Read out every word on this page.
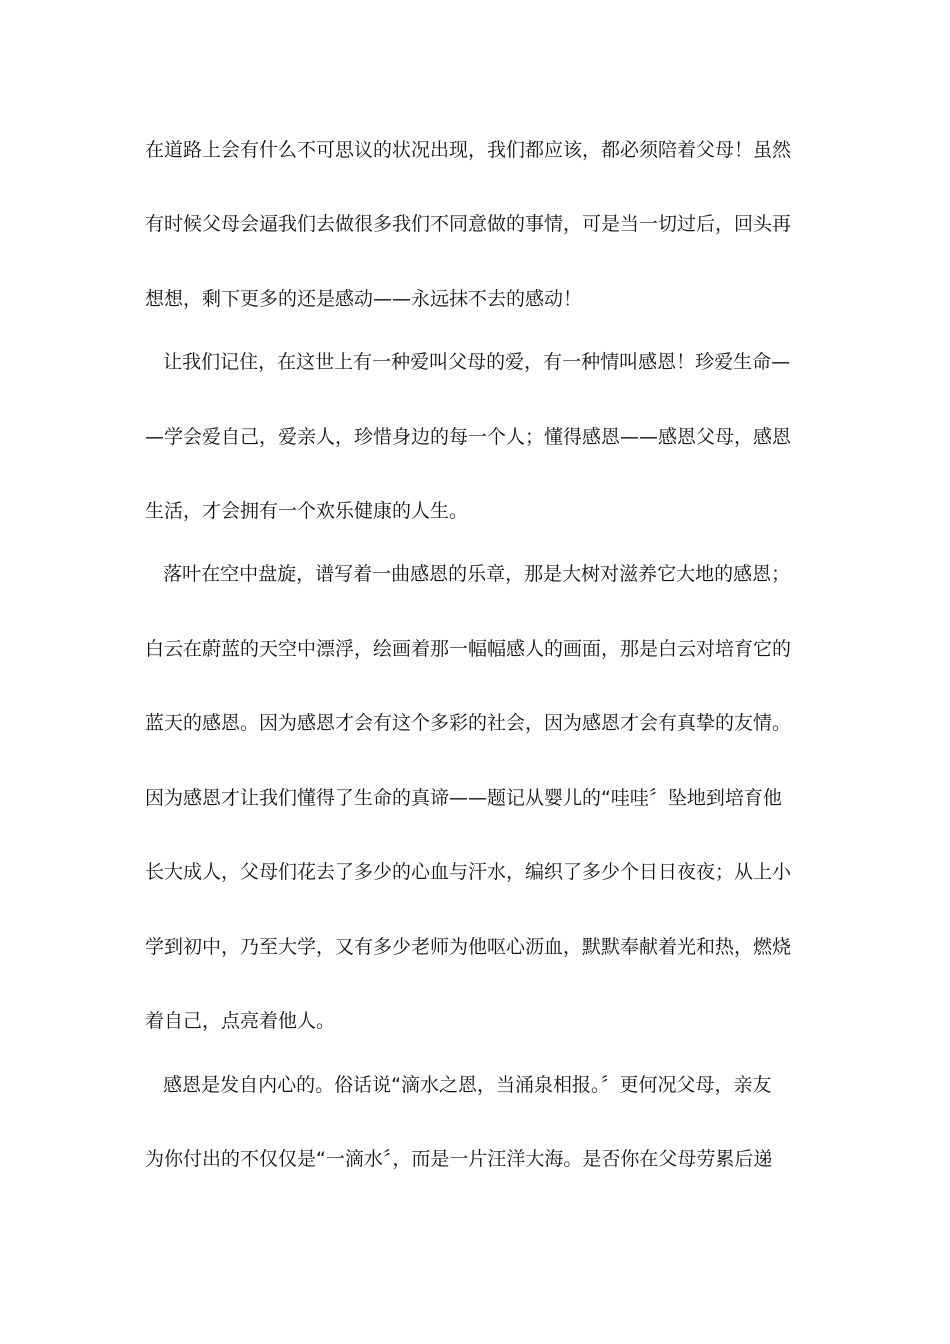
在道路上会有什么不可思议的状况出现，我们都应该，都必须陪着父母！虽然
有时候父母会逼我们去做很多我们不同意做的事情，可是当一切过后，回头再
想想，剩下更多的还是感动——永远抹不去的感动！
让我们记住，在这世上有一种爱叫父母的爱，有一种情叫感恩！珍爱生命—
—学会爱自己，爱亲人，珍惜身边的每一个人；懂得感恩——感恩父母，感恩
生活，才会拥有一个欢乐健康的人生。
落叶在空中盘旋，谱写着一曲感恩的乐章，那是大树对滋养它大地的感恩；
白云在蔚蓝的天空中漂浮，绘画着那一幅幅感人的画面，那是白云对培育它的
蓝天的感恩。因为感恩才会有这个多彩的社会，因为感恩才会有真挚的友情。
因为感恩才让我们懂得了生命的真谛——题记从婴儿的“哇哇〞坠地到培育他
长大成人，父母们花去了多少的心血与汗水，编织了多少个日日夜夜；从上小
学到初中，乃至大学，又有多少老师为他呕心沥血，默默奉献着光和热，燃烧
着自己，点亮着他人。
感恩是发自内心的。俗话说“滴水之恩，当涌泉相报。〞更何况父母，亲友
为你付出的不仅仅是“一滴水〞，而是一片汪洋大海。是否你在父母劳累后递
